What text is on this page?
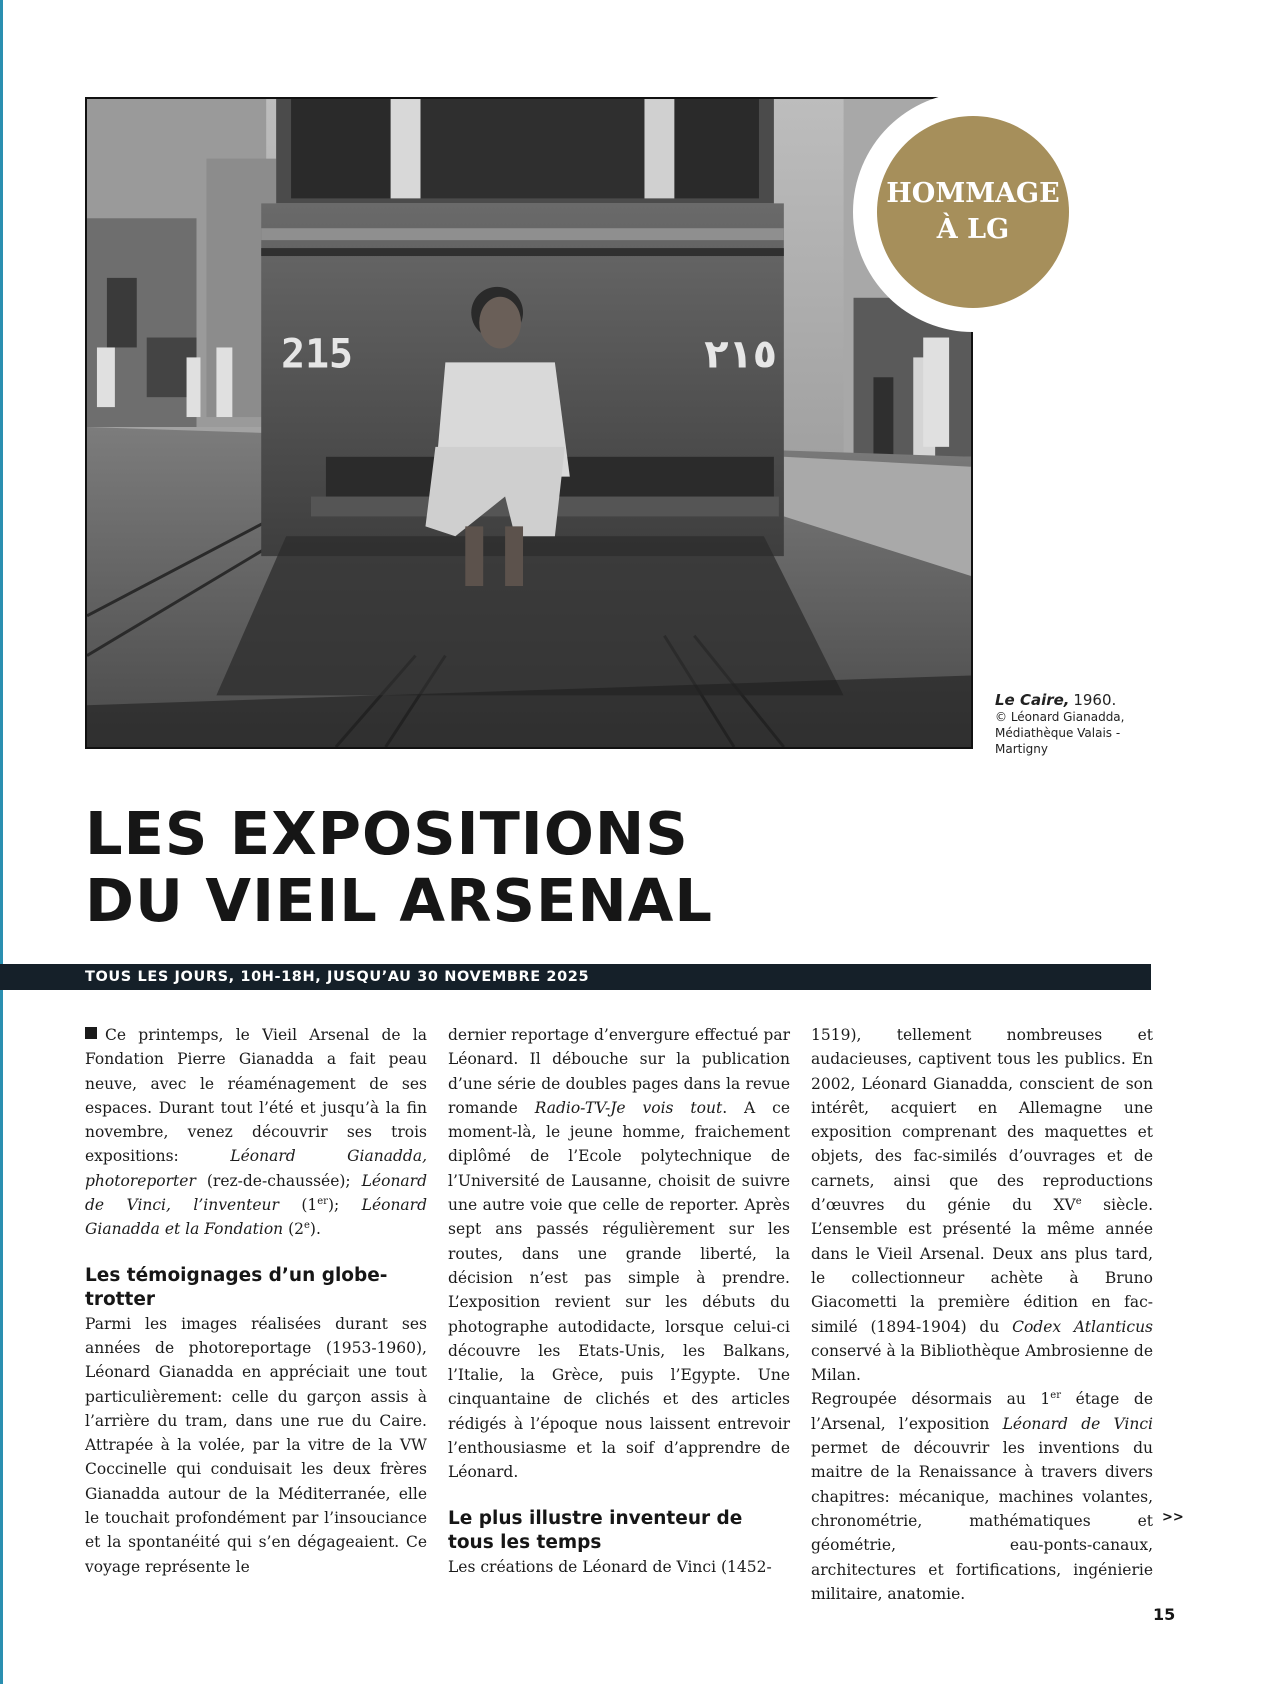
215	٢١٥
HOMMAGE
À LG
Le Caire, 1960.
© Léonard Gianadda,
Médiathèque Valais -
Martigny
LES EXPOSITIONS
DU VIEIL ARSENAL
TOUS LES JOURS, 10H-18H, JUSQU’AU 30 NOVEMBRE 2025

Ce printemps, le Vieil Arsenal de la Fondation Pierre Gianadda a fait peau neuve, avec le réaménagement de ses espaces. Durant tout l’été et jusqu’à la fin novembre, venez découvrir ses trois expositions: Léonard Gianadda, photoreporter (rez-de-chaussée); Léonard de Vinci, l’inventeur (1er); Léonard Gianadda et la Fondation (2e).

Les témoignages d’un globe-trotter

Parmi les images réalisées durant ses années de photoreportage (1953-1960), Léonard Gianadda en appréciait une tout particulièrement: celle du garçon assis à l’arrière du tram, dans une rue du Caire. Attrapée à la volée, par la vitre de la VW Coccinelle qui conduisait les deux frères Gianadda autour de la Méditerranée, elle le touchait profondément par l’insouciance et la spontanéité qui s’en dégageaient. Ce voyage représente le

dernier reportage d’envergure effectué par Léonard. Il débouche sur la publication d’une série de doubles pages dans la revue romande Radio-TV-Je vois tout. A ce moment-là, le jeune homme, fraichement diplômé de l’Ecole polytechnique de l’Université de Lausanne, choisit de suivre une autre voie que celle de reporter. Après sept ans passés régulièrement sur les routes, dans une grande liberté, la décision n’est pas simple à prendre. L’exposition revient sur les débuts du photographe autodidacte, lorsque celui-ci découvre les Etats-Unis, les Balkans, l’Italie, la Grèce, puis l’Egypte. Une cinquantaine de clichés et des articles rédigés à l’époque nous laissent entrevoir l’enthousiasme et la soif d’apprendre de Léonard.

Le plus illustre inventeur de tous les temps

Les créations de Léonard de Vinci (1452-

1519), tellement nombreuses et audacieuses, captivent tous les publics. En 2002, Léonard Gianadda, conscient de son intérêt, acquiert en Allemagne une exposition comprenant des maquettes et objets, des fac-similés d’ouvrages et de carnets, ainsi que des reproductions d’œuvres du génie du XVe siècle. L’ensemble est présenté la même année dans le Vieil Arsenal. Deux ans plus tard, le collectionneur achète à Bruno Giacometti la première édition en fac-similé (1894-1904) du Codex Atlanticus conservé à la Bibliothèque Ambrosienne de Milan.

Regroupée désormais au 1er étage de l’Arsenal, l’exposition Léonard de Vinci permet de découvrir les inventions du maitre de la Renaissance à travers divers chapitres: mécanique, machines volantes, chronométrie, mathématiques et géométrie, eau-ponts-canaux, architectures et fortifications, ingénierie militaire, anatomie.

>>
15
